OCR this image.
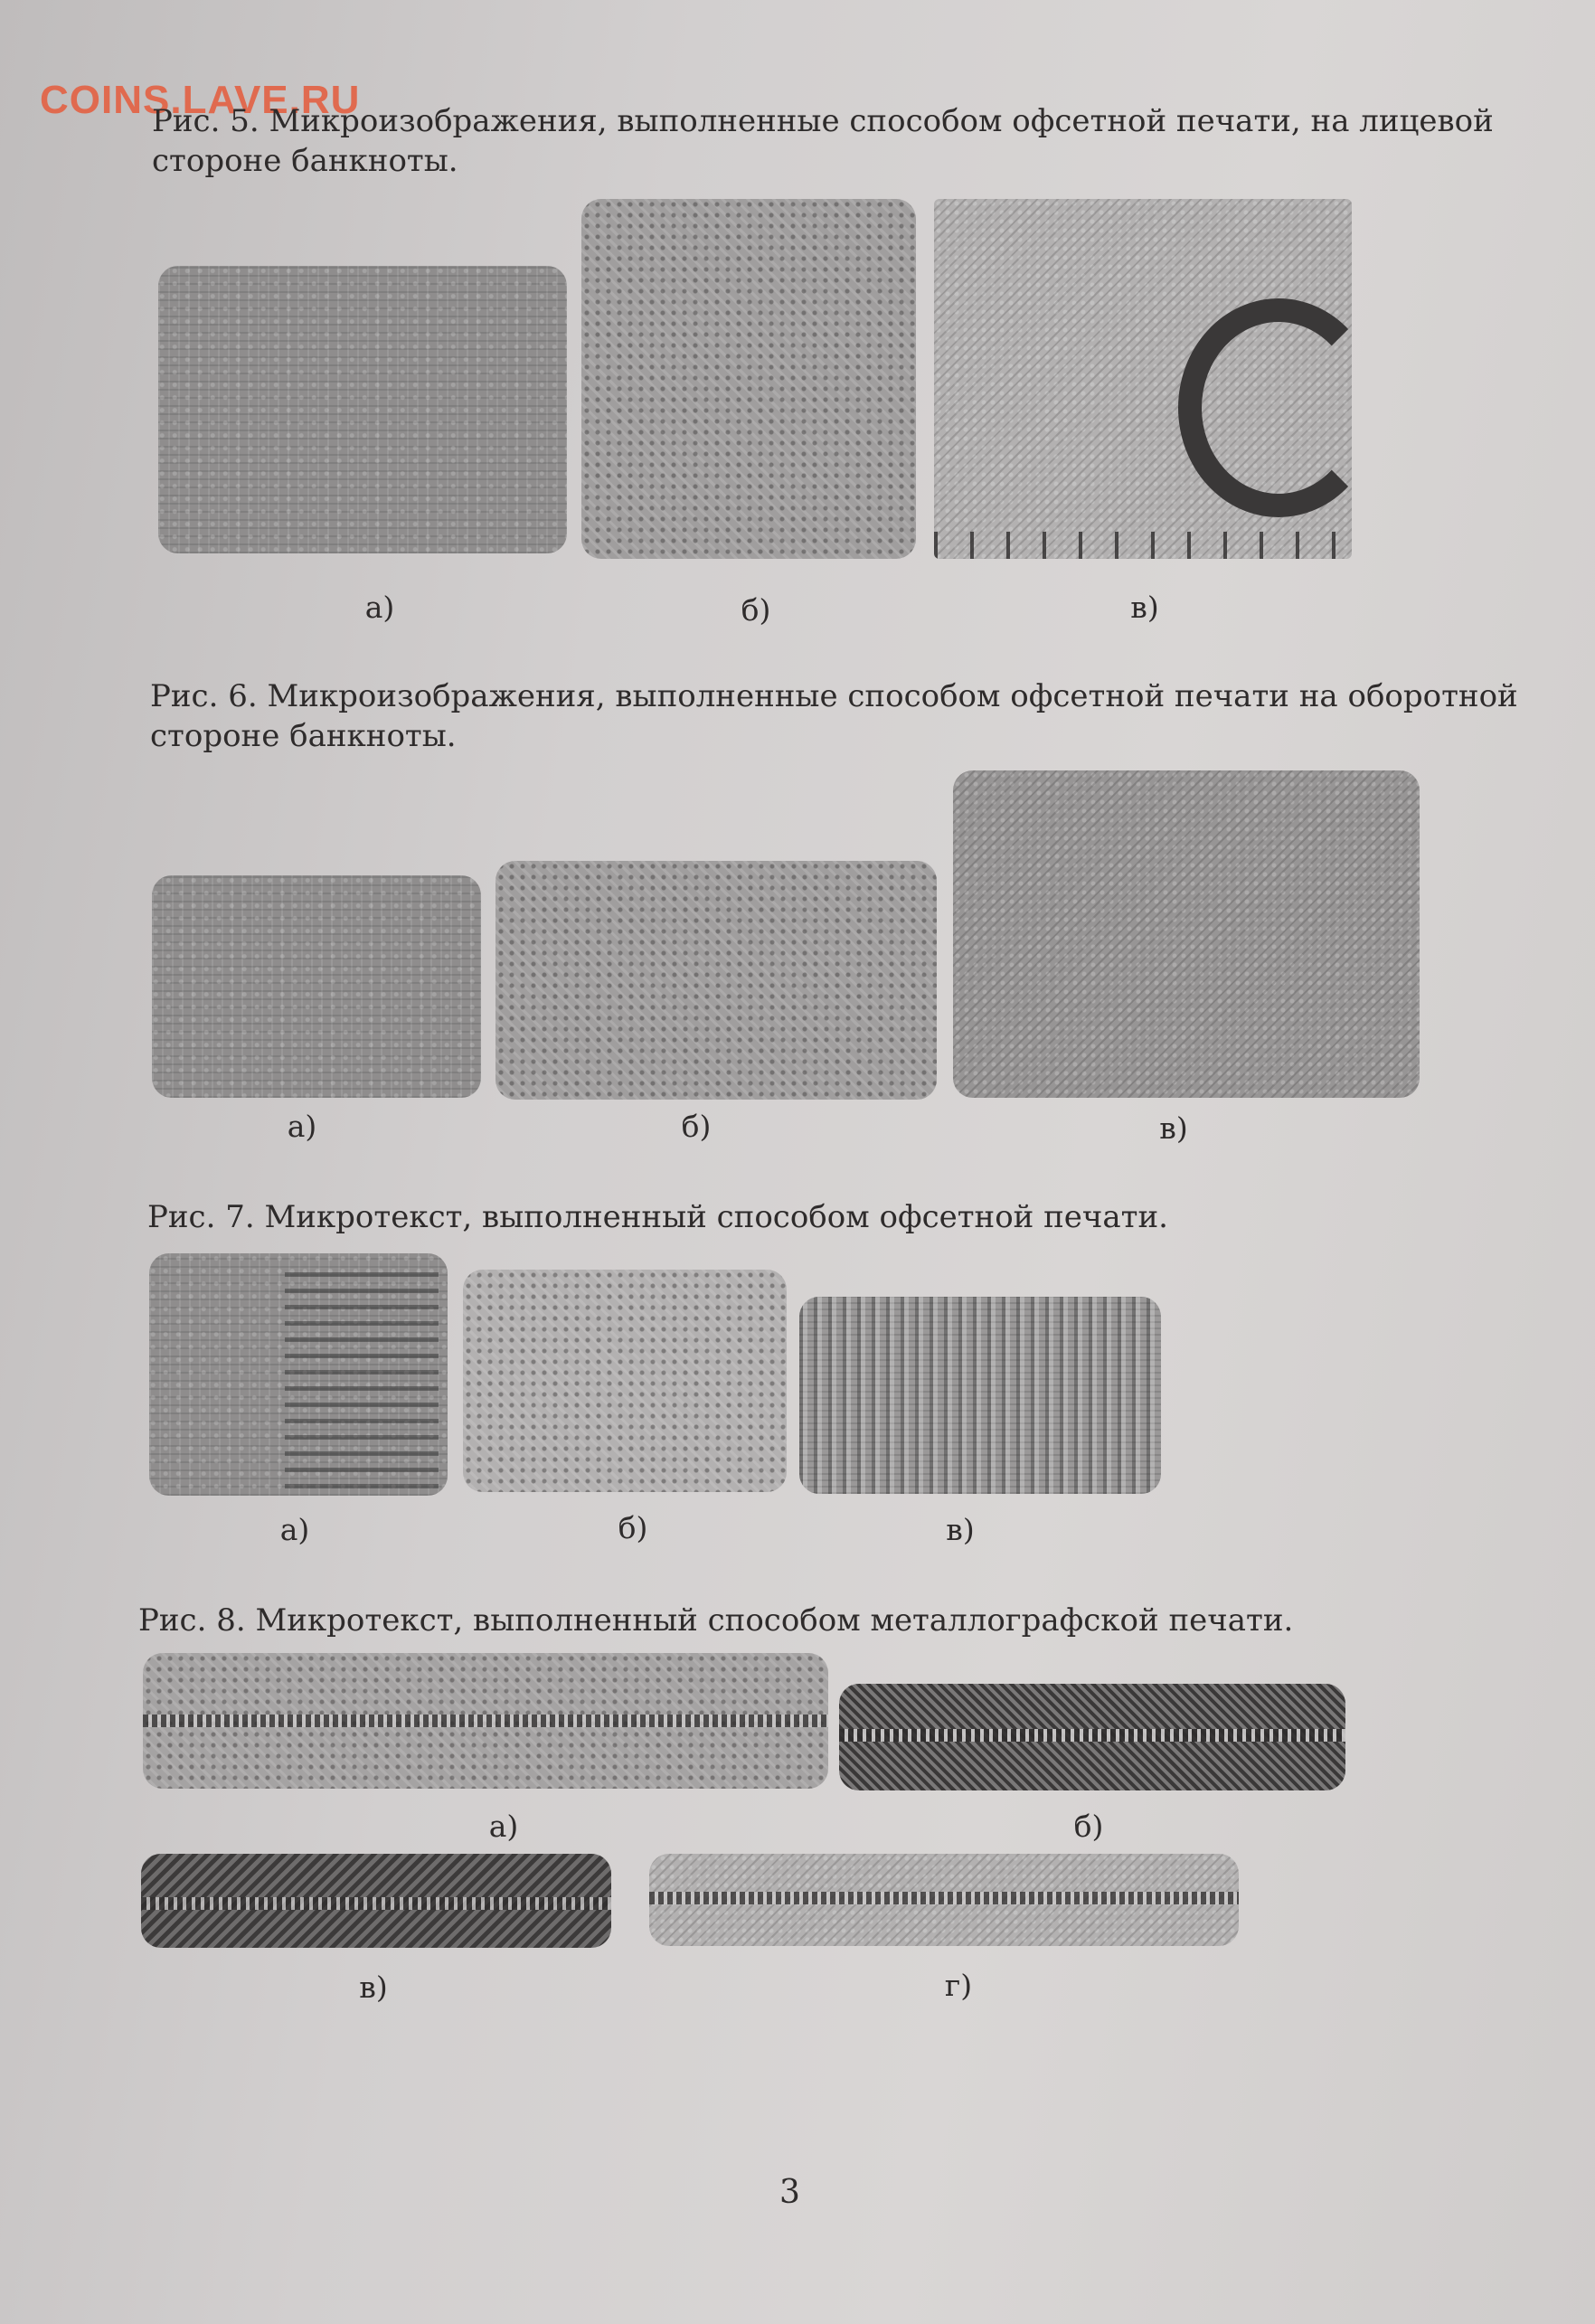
COINS.LAVE.RU
Рис. 5. Микроизображения, выполненные способом офсетной печати, на лицевой
стороне банкноты.
а)	б)	в)
Рис. 6. Микроизображения, выполненные способом офсетной печати на оборотной
стороне банкноты.
а)	б)	в)
Рис. 7. Микротекст, выполненный способом офсетной печати.
а)	б)	в)
Рис. 8. Микротекст, выполненный способом металлографской печати.
а)	б)
в)	г)
3
